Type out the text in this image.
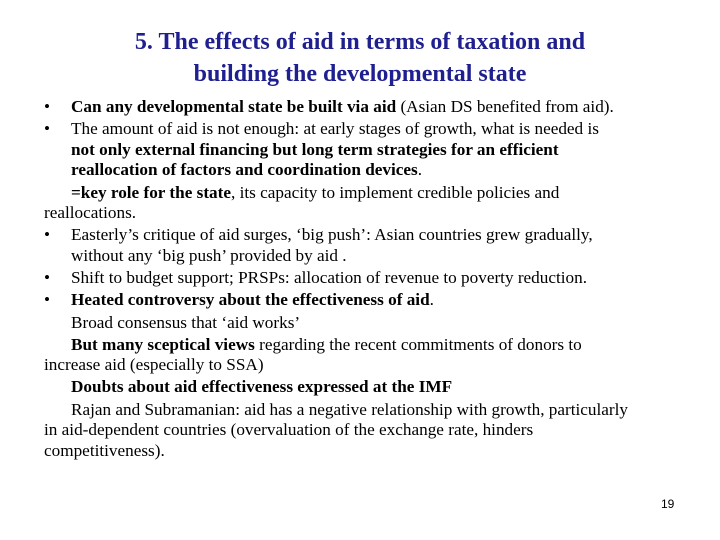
5. The effects of aid in terms of taxation and
building the developmental state
•	Can any developmental state be built via aid (Asian DS benefited from aid).
•	The amount of aid is not enough: at early stages of growth, what is needed is
not only external financing but long term strategies for an efficient
reallocation of factors and coordination devices.
=key role for the state, its capacity to implement credible policies and
reallocations.
•	Easterly’s critique of aid surges, ‘big push’: Asian countries grew gradually,
without any ‘big push’ provided by aid .
•	Shift to budget support; PRSPs: allocation of revenue to poverty reduction.
•	Heated controversy about the effectiveness of aid.
Broad consensus that ‘aid works’
But many sceptical views regarding the recent commitments of donors to
increase aid (especially to SSA)
Doubts about aid effectiveness expressed at the IMF
Rajan and Subramanian: aid has a negative relationship with growth, particularly
in aid-dependent countries (overvaluation of the exchange rate, hinders
competitiveness).
19
